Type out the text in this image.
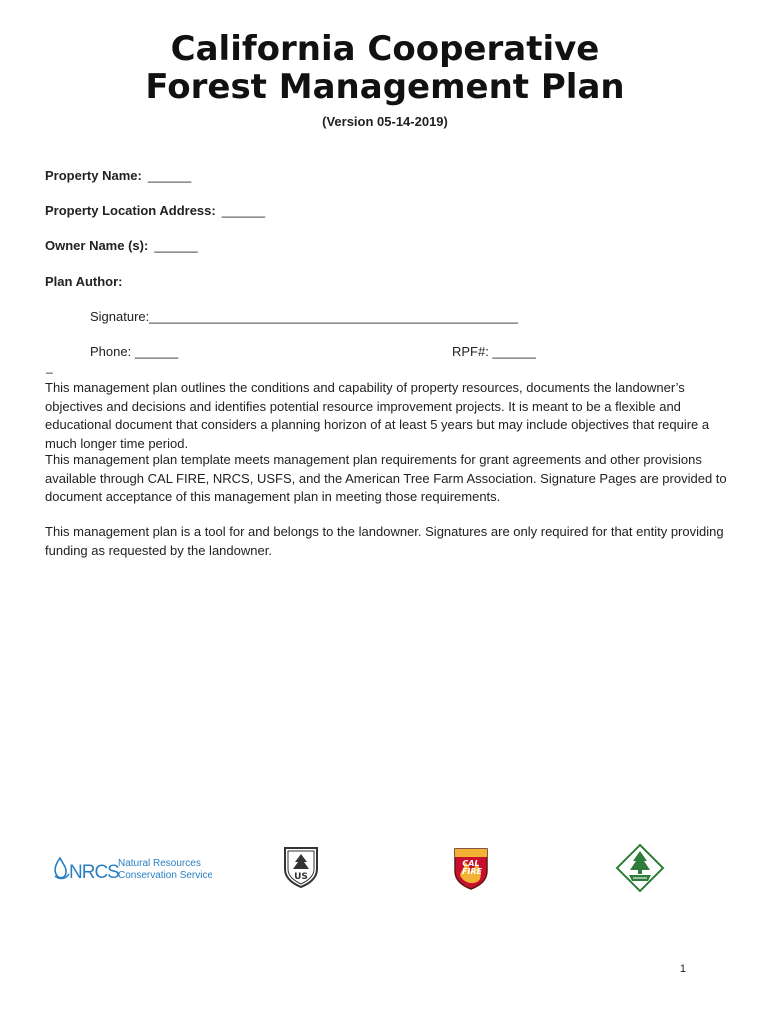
California Cooperative
Forest Management Plan
(Version 05-14-2019)
Property Name: ______
Property Location Address: ______
Owner Name (s): ______
Plan Author:
Signature:___________________________________________________
Phone: ______	RPF#: ______
_

This management plan outlines the conditions and capability of property resources, documents the landowner’s objectives and decisions and identifies potential resource improvement projects. It is meant to be a flexible and educational document that considers a planning horizon of at least 5 years but may include objectives that require a much longer time period.

This management plan template meets management plan requirements for grant agreements and other provisions available through CAL FIRE, NRCS, USFS, and the American Tree Farm Association. Signature Pages are provided to document acceptance of this management plan in meeting those requirements.

This management plan is a tool for and belongs to the landowner. Signatures are only required for that entity providing funding as requested by the landowner.

NRCS Natural Resources
Conservation Service	US
CAL
FIRE
1
